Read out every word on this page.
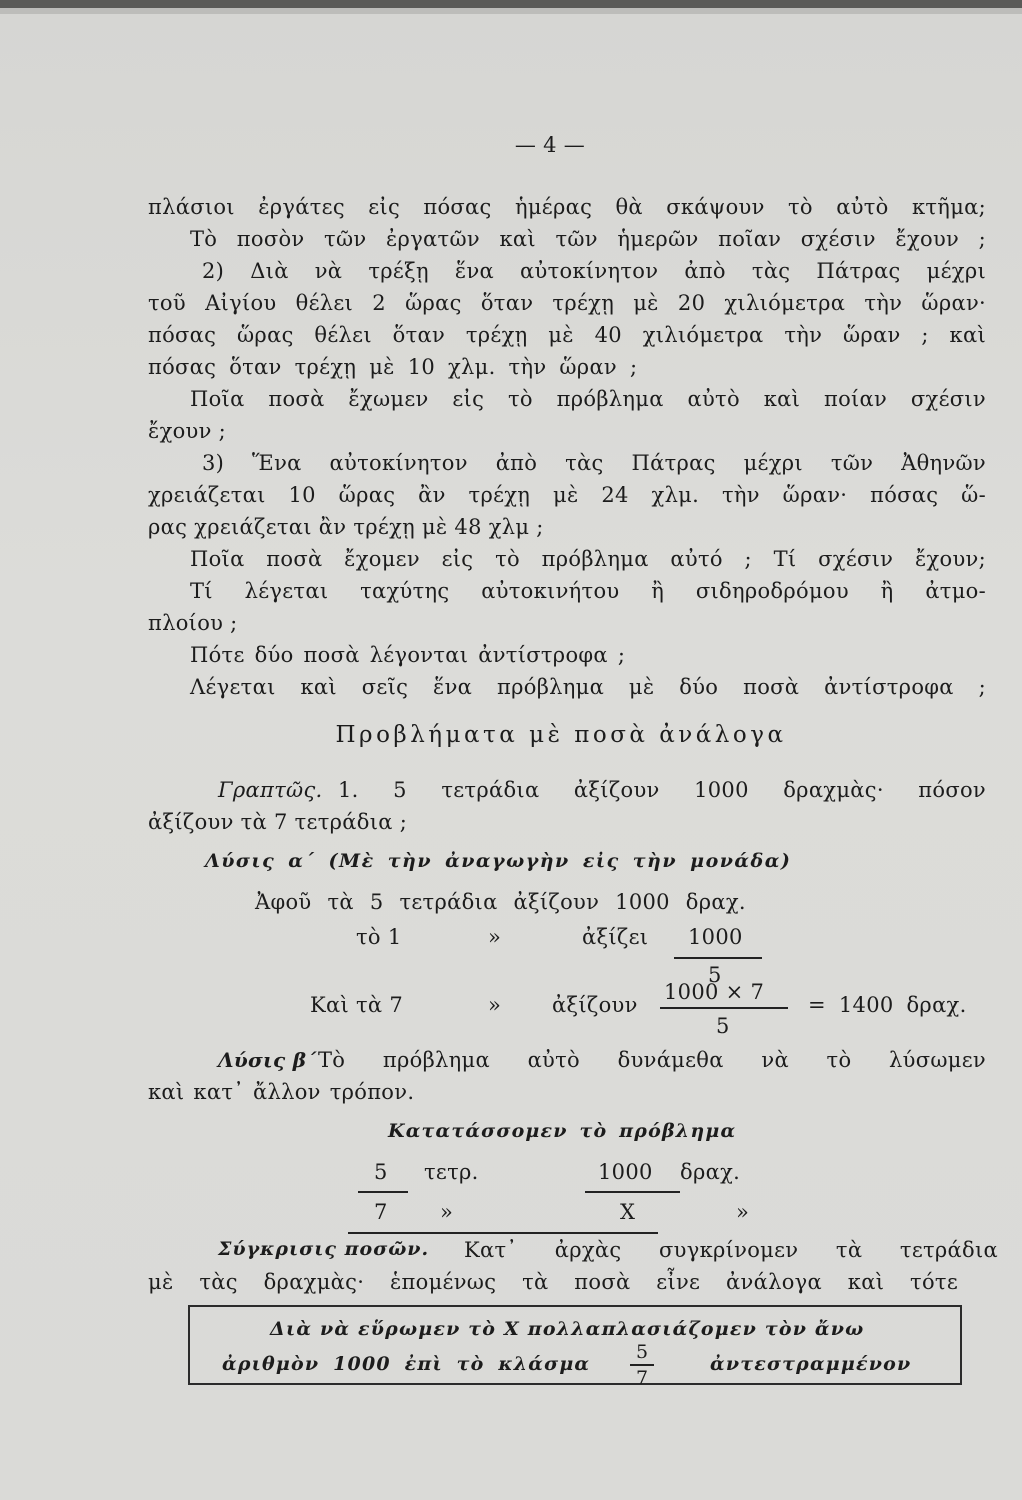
— 4 —
πλάσιοι ἐργάτες εἰς πόσας ἡμέρας θὰ σκάψουν τὸ αὐτὸ κτῆμα;
Τὸ ποσὸν τῶν ἐργατῶν καὶ τῶν ἡμερῶν ποῖαν σχέσιν ἔχουν ;
2) Διὰ νὰ τρέξῃ ἕνα αὐτοκίνητον ἀπὸ τὰς Πάτρας μέχρι
τοῦ Αἰγίου θέλει 2 ὥρας ὅταν τρέχῃ μὲ 20 χιλιόμετρα τὴν ὥραν·
πόσας ὥρας θέλει ὅταν τρέχῃ μὲ 40 χιλιόμετρα τὴν ὥραν ; καὶ
πόσας ὅταν τρέχῃ μὲ 10 χλμ. τὴν ὥραν ;
Ποῖα ποσὰ ἔχωμεν εἰς τὸ πρόβλημα αὐτὸ καὶ ποίαν σχέσιν
ἔχουν ;
3) Ἕνα αὐτοκίνητον ἀπὸ τὰς Πάτρας μέχρι τῶν Ἀθηνῶν
χρειάζεται 10 ὥρας ἂν τρέχῃ μὲ 24 χλμ. τὴν ὥραν· πόσας ὥ-
ρας χρειάζεται ἂν τρέχῃ μὲ 48 χλμ ;
Ποῖα ποσὰ ἔχομεν εἰς τὸ πρόβλημα αὐτό ; Τί σχέσιν ἔχουν;
Τί λέγεται ταχύτης αὐτοκινήτου ἢ σιδηροδρόμου ἢ ἀτμο-
πλοίου ;
Πότε δύο ποσὰ λέγονται ἀντίστροφα ;
Λέγεται καὶ σεῖς ἕνα πρόβλημα μὲ δύο ποσὰ ἀντίστροφα ;
Προβλήματα μὲ ποσὰ ἀνάλογα
Γραπτῶς. 1. 5 τετράδια ἀξίζουν 1000 δραχμὰς· πόσον
ἀξίζουν τὰ 7 τετράδια ;
Λύσις α´ (Μὲ τὴν ἀναγωγὴν εἰς τὴν μονάδα)
Ἀφοῦ τὰ 5 τετράδια ἀξίζουν 1000 δραχ.
τὸ 1	»	ἀξίζει 1000
5
Καὶ τὰ 7	» ἀξίζουν
1000 × 7
5
= 1400 δραχ.
Λύσις β´ Τὸ πρόβλημα αὐτὸ δυνάμεθα νὰ τὸ λύσωμεν
καὶ κατ᾽ ἄλλον τρόπον.
Κατατάσσομεν τὸ πρόβλημα
5 τετρ.	1000 δραχ.
7 »	Χ	»
Σύγκρισις ποσῶν. Κατ᾽ ἀρχὰς συγκρίνομεν τὰ τετράδια
μὲ τὰς δραχμὰς· ἑπομένως τὰ ποσὰ εἶνε ἀνάλογα καὶ τότε
Διὰ νὰ εὕρωμεν τὸ Χ πολλαπλασιάζομεν τὸν ἄνω
ἀριθμὸν 1000 ἐπὶ τὸ κλάσμα
5
7
ἀντεστραμμένον
